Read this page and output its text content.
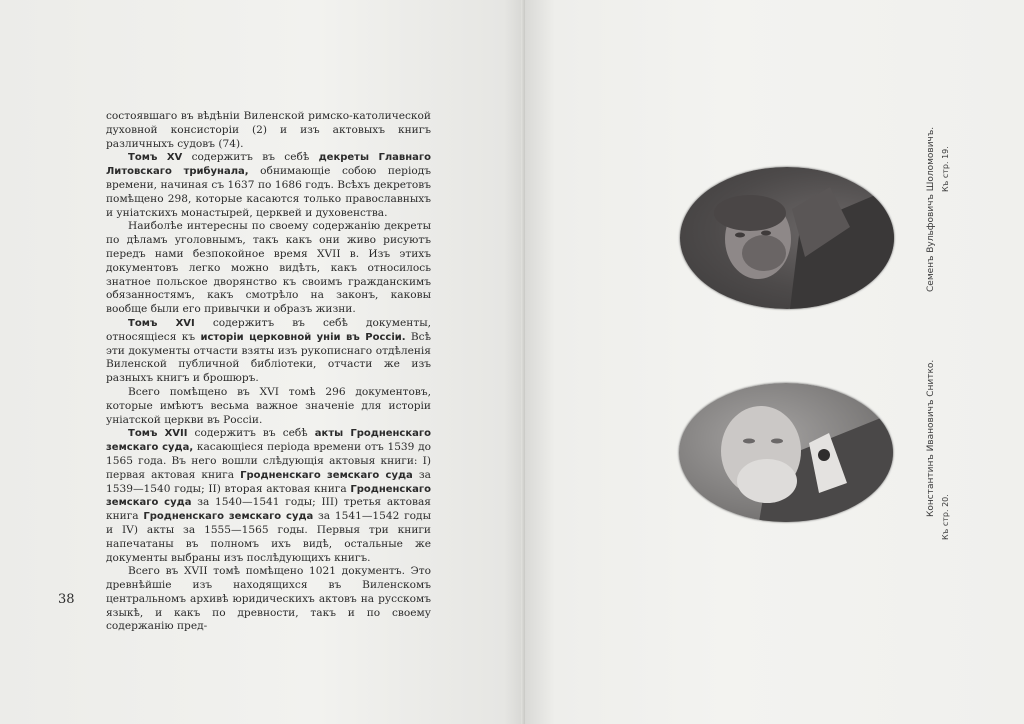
состоявшаго въ вѣдѣнiи Виленской римско-католической духовной консисторiи (2) и изъ актовыхъ книгъ различныхъ судовъ (74).

Томъ XV содержитъ въ себѣ декреты Главнаго Литовскаго трибунала, обнимающiе собою перiодъ времени, начиная съ 1637 по 1686 годъ. Всѣхъ декретовъ помѣщено 298, которые касаются только православныхъ и унiатскихъ монастырей, церквей и духовенства.

Наиболѣе интересны по своему содержанiю декреты по дѣламъ уголовнымъ, такъ какъ они живо рисуютъ передъ нами безпокойное время XVII в. Изъ этихъ документовъ легко можно видѣть, какъ относилось знатное польское дворянство къ своимъ гражданскимъ обязанностямъ, какъ смотрѣло на законъ, каковы вообще были его привычки и образъ жизни.

Томъ XVI содержитъ въ себѣ документы, относящiеся къ исторiи церковной унiи въ Россiи. Всѣ эти документы отчасти взяты изъ рукописнаго отдѣленiя Виленской публичной библiотеки, отчасти же изъ разныхъ книгъ и брошюръ.

Всего помѣщено въ XVI томѣ 296 документовъ, которые имѣютъ весьма важное значенiе для исторiи унiатской церкви въ Россiи.

Томъ XVII содержитъ въ себѣ акты Гродненскаго земскаго суда, касающiеся перiода времени отъ 1539 до 1565 года. Въ него вошли слѣдующiя актовыя книги: I) первая актовая книга Гродненскаго земскаго суда за 1539—1540 годы; II) вторая актовая книга Гродненскаго земскаго суда за 1540—1541 годы; III) третья актовая книга Гродненскаго земскаго суда за 1541—1542 годы и IV) акты за 1555—1565 годы. Первыя три книги напечатаны въ полномъ ихъ видѣ, остальные же документы выбраны изъ послѣдующихъ книгъ.

Всего въ XVII томѣ помѣщено 1021 документъ. Это древнѣйшiе изъ находящихся въ Виленскомъ центральномъ архивѣ юридическихъ актовъ на русскомъ языкѣ, и какъ по древности, такъ и по своему содержанiю пред-

38
Семенъ Вульфовичъ Шоломовичъ. Къ стр. 19.
Константинъ Ивановичъ Снитко.
Къ стр. 20.
